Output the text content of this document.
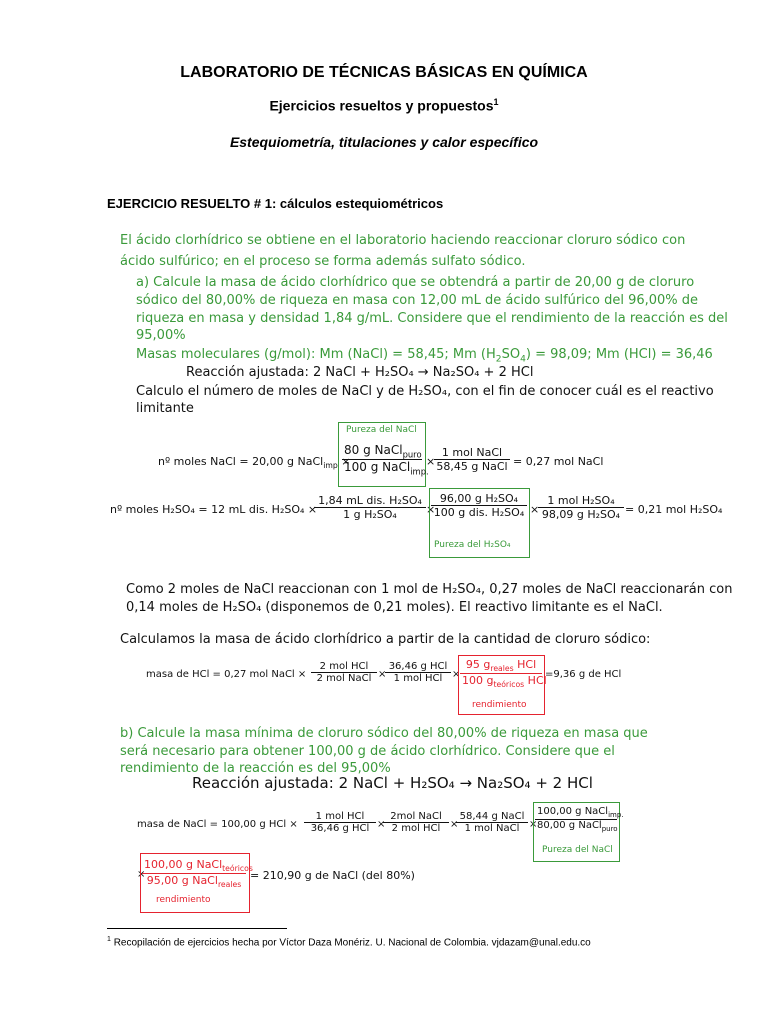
LABORATORIO DE TÉCNICAS BÁSICAS EN QUÍMICA
Ejercicios resueltos y propuestos$^1$
Estequiometría, titulaciones y calor específico
EJERCICIO RESUELTO # 1: cálculos estequiométricos
El ácido clorhídrico se obtiene en el laboratorio haciendo reaccionar cloruro sódico con
ácido sulfúrico; en el proceso se forma además sulfato sódico.
a) Calcule la masa de ácido clorhídrico que se obtendrá a partir de 20,00 g de cloruro
sódico del 80,00% de riqueza en masa con 12,00 mL de ácido sulfúrico del 96,00% de
riqueza en masa y densidad 1,84 g/mL. Considere que el rendimiento de la reacción es del
95,00%
Masas moleculares (g/mol): Mm (NaCl) = 58,45; Mm $(H_2SO_4) = 98,09$; Mm (HCl) = 36,46
Reacción ajustada: 2 NaCl + H₂SO₄ → Na₂SO₄ + 2 HCl
Calculo el número de moles de NaCl y de H₂SO₄, con el fin de conocer cuál es el reactivo
limitante
nº moles NaCl = 20,00 g NaCl$_{imp}$ ×
Pureza del NaCl
80 g NaCl$_{puro}$
100 g NaCl$_{imp.}$
×
1 mol NaCl
58,45 g NaCl = 0,27 mol NaCl
nº moles H₂SO₄ = 12 mL dis. H₂SO₄ ×
1,84 mL dis. H₂SO₄
1 g H₂SO₄	×
96,00 g H₂SO₄
100 g dis. H₂SO₄
Pureza del H₂SO₄
×
1 mol H₂SO₄
98,09 g H₂SO₄ = 0,21 mol H₂SO₄
Como 2 moles de NaCl reaccionan con 1 mol de H₂SO₄, 0,27 moles de NaCl reaccionarán con
0,14 moles de H₂SO₄ (disponemos de 0,21 moles). El reactivo limitante es el NaCl.
Calculamos la masa de ácido clorhídrico a partir de la cantidad de cloruro sódico:
masa de HCl = 0,27 mol NaCl ×
2 mol HCl
2 mol NaCl ×
36,46 g HCl
1 mol HCl ×
95 $g_{reales}$ HCl
100 $g_{teóricos}$ HCl
rendimiento
=9,36 g de HCl
b) Calcule la masa mínima de cloruro sódico del 80,00% de riqueza en masa que
será necesario para obtener 100,00 g de ácido clorhídrico. Considere que el
rendimiento de la reacción es del 95,00%
Reacción ajustada: 2 NaCl + H₂SO₄ → Na₂SO₄ + 2 HCl
masa de NaCl = 100,00 g HCl ×
1 mol HCl
36,46 g HCl ×
2mol NaCl
2 mol HCl ×
58,44 g NaCl
1 mol NaCl ×
100,00 g NaCl$_{imp.}$
80,00 g NaCl$_{puro}$
Pureza del NaCl
×
100,00 g NaCl$_{teóricos}$
95,00 g NaCl$_{reales}$
rendimiento
= 210,90 g de NaCl (del 80%)
$^1$ Recopilación de ejercicios hecha por Víctor Daza Monériz. U. Nacional de Colombia. vjdazam@unal.edu.co
